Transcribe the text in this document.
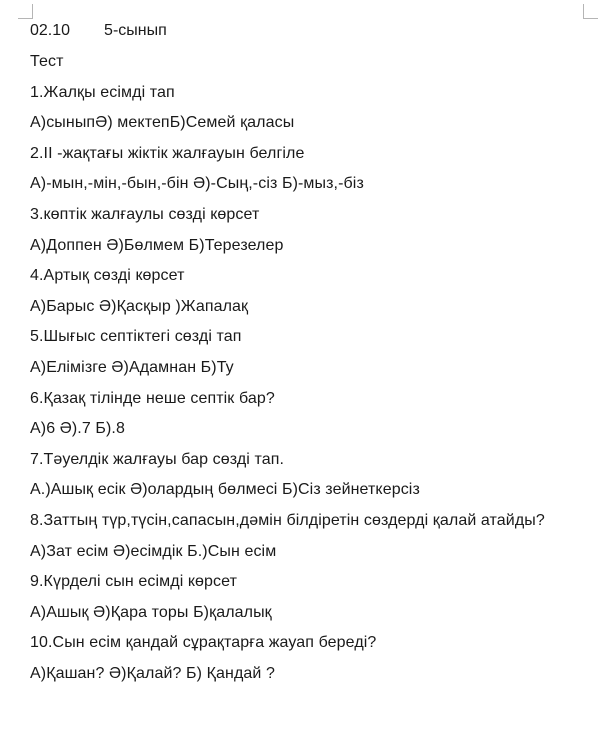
02.10 5-сынып
Тест
1.Жалқы есімді тап
А)сыныпӘ) мектепБ)Семей қаласы
2.II -жақтағы жіктік жалғауын белгіле
А)-мын,-мін,-бын,-бін Ә)-Сың,-сіз Б)-мыз,-біз
3.көптік жалғаулы сөзді көрсет
А)Доппен Ә)Бөлмем Б)Терезелер
4.Артық сөзді көрсет
А)Барыс Ә)Қасқыр )Жапалақ
5.Шығыс септіктегі сөзді тап
А)Елімізге Ә)Адамнан Б)Ту
6.Қазақ тілінде неше септік бар?
А)6 Ә).7 Б).8
7.Тәуелдік жалғауы бар сөзді тап.
А.)Ашық есік Ә)олардың бөлмесі Б)Сіз зейнеткерсіз
8.Заттың түр,түсін,сапасын,дәмін білдіретін сөздерді қалай атайды?
А)Зат есім Ә)есімдік Б.)Сын есім
9.Күрделі сын есімді көрсет
А)Ашық Ә)Қара торы Б)қалалық
10.Сын есім қандай сұрақтарға жауап береді?
А)Қашан? Ә)Қалай? Б) Қандай ?
